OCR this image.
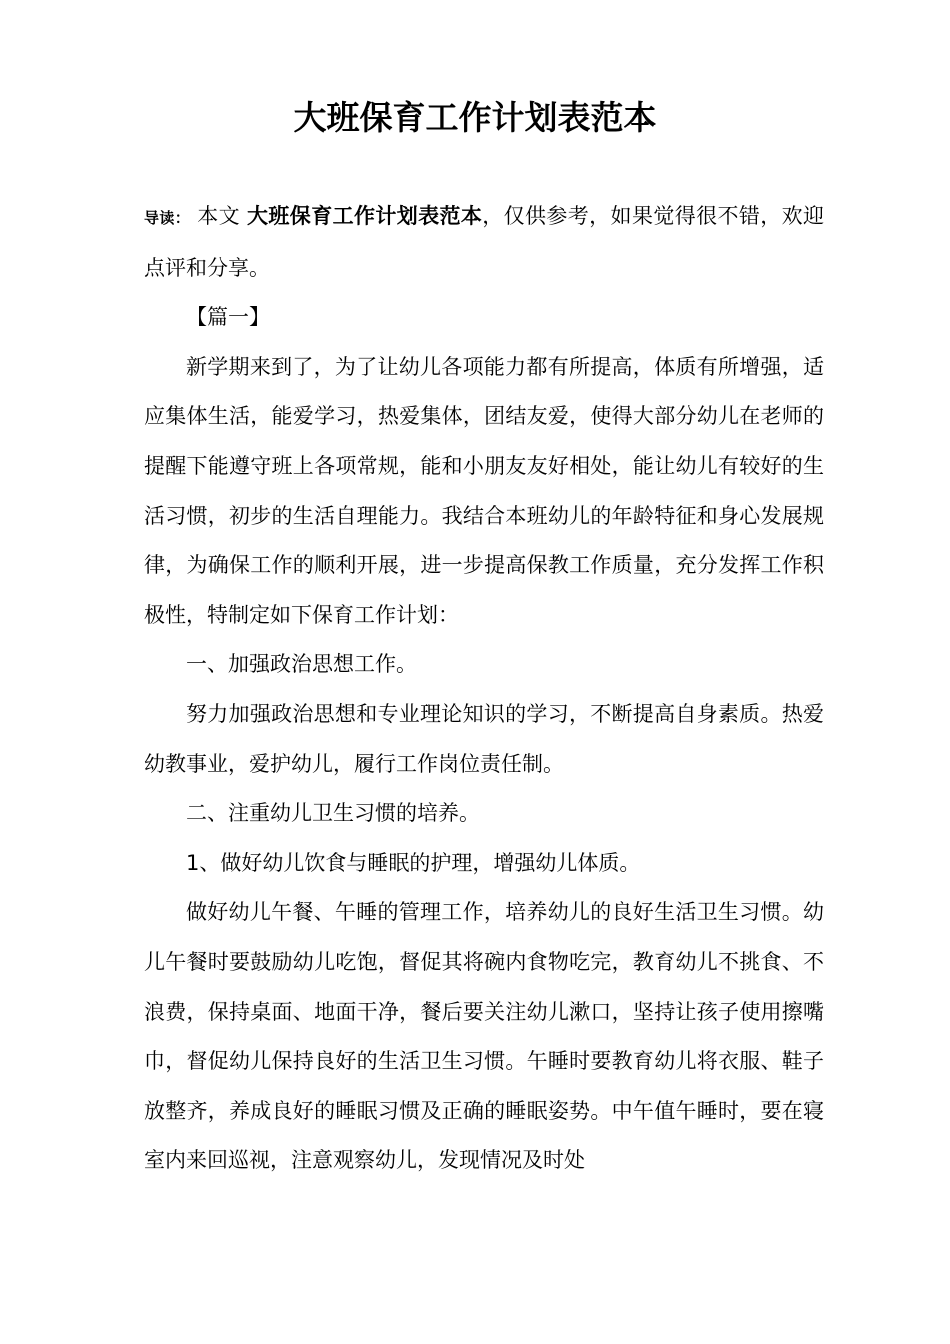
大班保育工作计划表范本

导读： 本文 大班保育工作计划表范本，仅供参考，如果觉得很不错，欢迎点评和分享。

【篇一】

新学期来到了，为了让幼儿各项能力都有所提高，体质有所增强，适应集体生活，能爱学习，热爱集体，团结友爱，使得大部分幼儿在老师的提醒下能遵守班上各项常规，能和小朋友友好相处，能让幼儿有较好的生活习惯，初步的生活自理能力。我结合本班幼儿的年龄特征和身心发展规律，为确保工作的顺利开展，进一步提高保教工作质量，充分发挥工作积极性，特制定如下保育工作计划：

一、加强政治思想工作。

努力加强政治思想和专业理论知识的学习，不断提高自身素质。热爱幼教事业，爱护幼儿，履行工作岗位责任制。

二、注重幼儿卫生习惯的培养。

1、做好幼儿饮食与睡眠的护理，增强幼儿体质。

做好幼儿午餐、午睡的管理工作，培养幼儿的良好生活卫生习惯。幼儿午餐时要鼓励幼儿吃饱，督促其将碗内食物吃完，教育幼儿不挑食、不浪费，保持桌面、地面干净，餐后要关注幼儿漱口，坚持让孩子使用擦嘴巾，督促幼儿保持良好的生活卫生习惯。午睡时要教育幼儿将衣服、鞋子放整齐，养成良好的睡眠习惯及正确的睡眠姿势。中午值午睡时，要在寝室内来回巡视，注意观察幼儿，发现情况及时处
